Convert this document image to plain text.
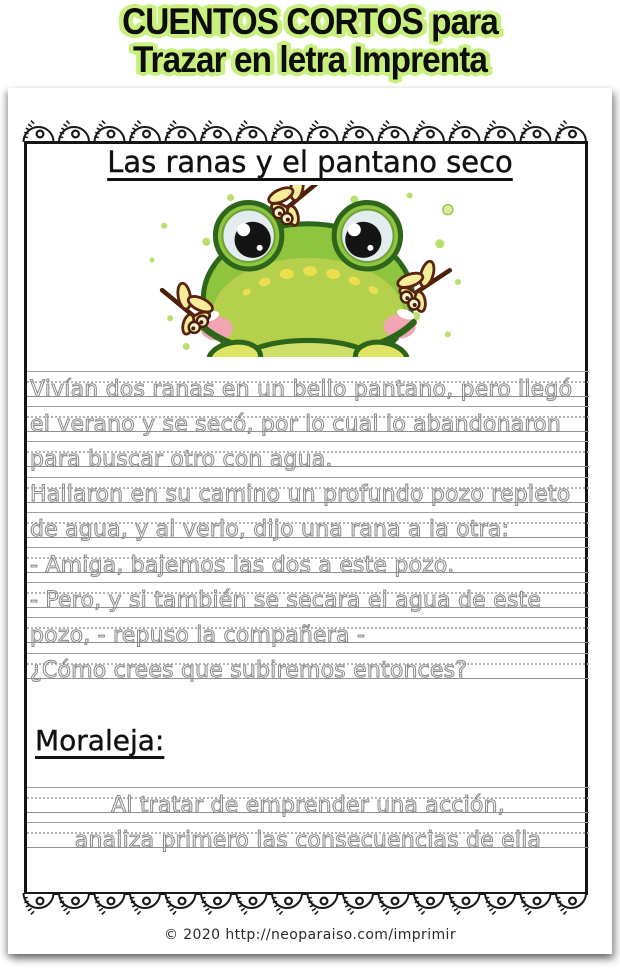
CUENTOS CORTOS para
Trazar en letra Imprenta
Las ranas y el pantano seco
Vivían dos ranas en un bello pantano, pero llegó
el verano y se secó, por lo cual lo abandonaron
para buscar otro con agua.
Hallaron en su camino un profundo pozo repleto
de agua, y al verlo, dijo una rana a la otra:
- Amiga, bajemos las dos a este pozo.
- Pero, y si también se secara el agua de este
pozo, - repuso la compañera -
¿Cómo crees que subiremos entonces?
Moraleja:
Al tratar de emprender una acción,
analiza primero las consecuencias de ella
© 2020 http://neoparaiso.com/imprimir
